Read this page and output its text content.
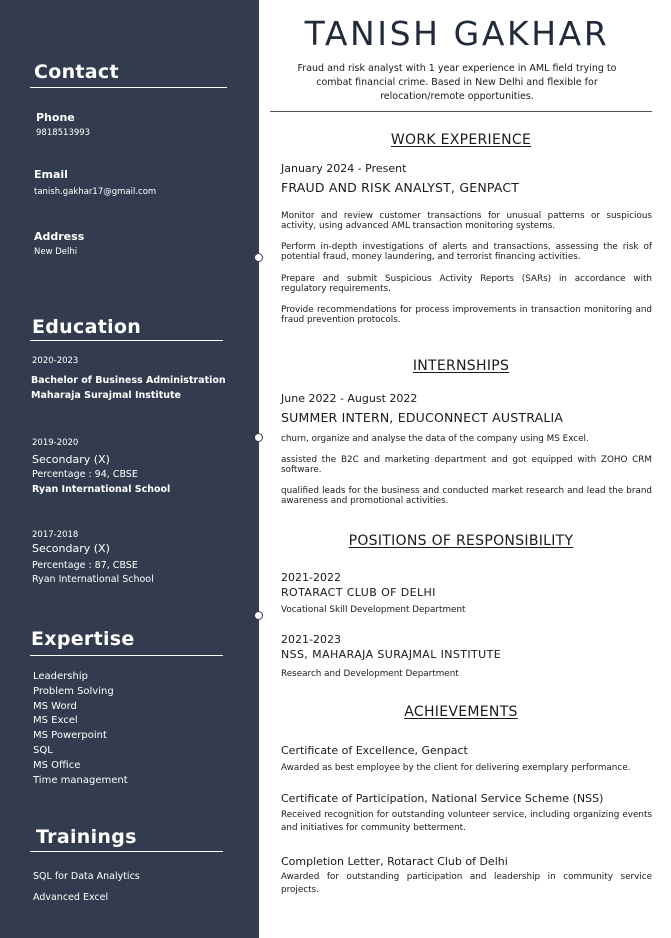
Contact
Phone
9818513993
Email
tanish.gakhar17@gmail.com
Address
New Delhi
Education
2020-2023
Bachelor of Business Administration
Maharaja Surajmal Institute
2019-2020
Secondary (X)
Percentage : 94, CBSE
Ryan International School
2017-2018
Secondary (X)
Percentage : 87, CBSE
Ryan International School
Expertise
Leadership
Problem Solving
MS Word
MS Excel
MS Powerpoint
SQL
MS Office
Time management
Trainings
SQL for Data Analytics
Advanced Excel
TANISH GAKHAR
Fraud and risk analyst with 1 year experience in AML field trying to combat financial crime. Based in New Delhi and flexible for relocation/remote opportunities.
WORK EXPERIENCE
January 2024 - Present
FRAUD AND RISK ANALYST, GENPACT
Monitor and review customer transactions for unusual patterns or suspicious activity, using advanced AML transaction monitoring systems.
Perform in-depth investigations of alerts and transactions, assessing the risk of potential fraud, money laundering, and terrorist financing activities.
Prepare and submit Suspicious Activity Reports (SARs) in accordance with regulatory requirements.
Provide recommendations for process improvements in transaction monitoring and fraud prevention protocols.
INTERNSHIPS
June 2022 - August 2022
SUMMER INTERN, EDUCONNECT AUSTRALIA
churn, organize and analyse the data of the company using MS Excel.
assisted the B2C and marketing department and got equipped with ZOHO CRM software.
qualified leads for the business and conducted market research and lead the brand awareness and promotional activities.
POSITIONS OF RESPONSIBILITY
2021-2022
ROTARACT CLUB OF DELHI
Vocational Skill Development Department
2021-2023
NSS, MAHARAJA SURAJMAL INSTITUTE
Research and Development Department
ACHIEVEMENTS
Certificate of Excellence, Genpact
Awarded as best employee by the client for delivering exemplary performance.
Certificate of Participation, National Service Scheme (NSS)
Received recognition for outstanding volunteer service, including organizing events and initiatives for community betterment.
Completion Letter, Rotaract Club of Delhi
Awarded for outstanding participation and leadership in community service projects.
